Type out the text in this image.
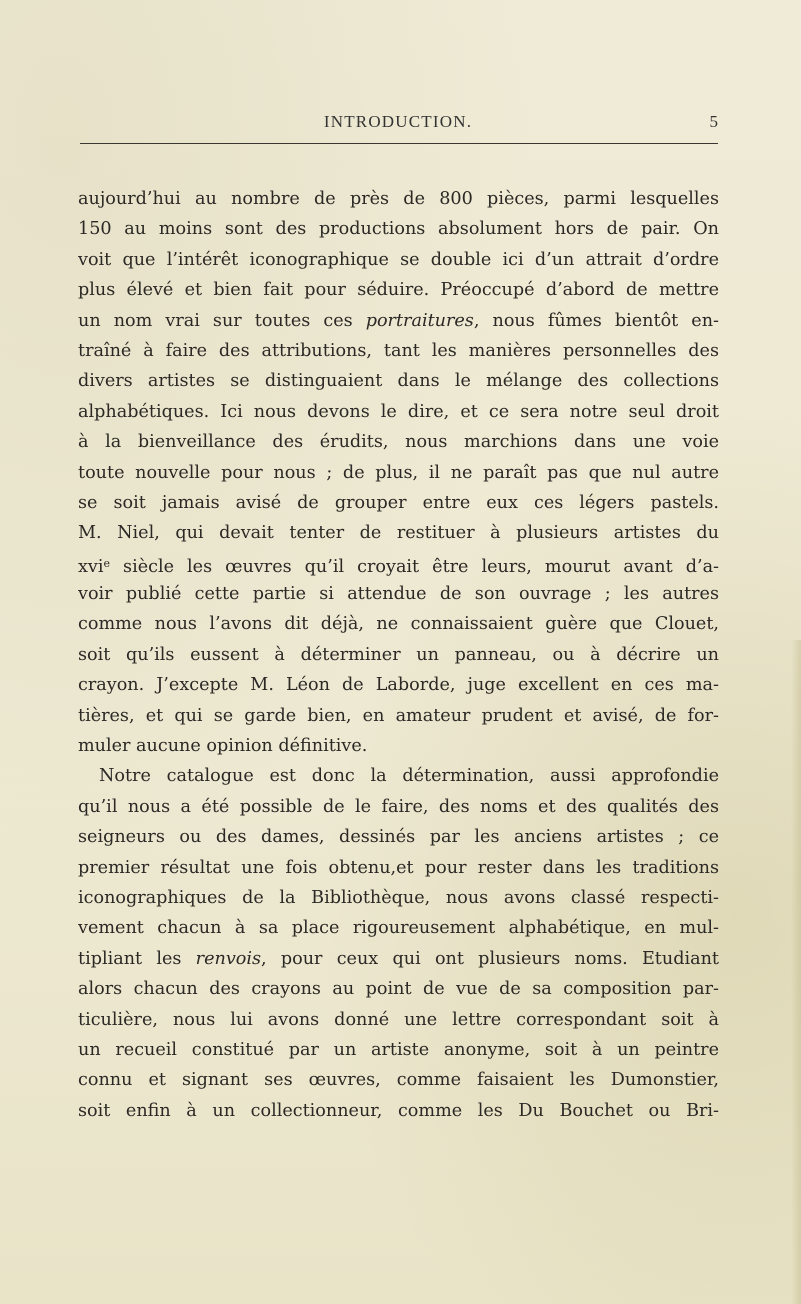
INTRODUCTION.	5
aujourd’hui au nombre de près de 800 pièces, parmi lesquelles
150 au moins sont des productions absolument hors de pair. On
voit que l’intérêt iconographique se double ici d’un attrait d’ordre
plus élevé et bien fait pour séduire. Préoccupé d’abord de mettre
un nom vrai sur toutes ces portraitures, nous fûmes bientôt en-
traîné à faire des attributions, tant les manières personnelles des
divers artistes se distinguaient dans le mélange des collections
alphabétiques. Ici nous devons le dire, et ce sera notre seul droit
à la bienveillance des érudits, nous marchions dans une voie
toute nouvelle pour nous ; de plus, il ne paraît pas que nul autre
se soit jamais avisé de grouper entre eux ces légers pastels.
M. Niel, qui devait tenter de restituer à plusieurs artistes du
xvi$^e$ siècle les œuvres qu’il croyait être leurs, mourut avant d’a-
voir publié cette partie si attendue de son ouvrage ; les autres
comme nous l’avons dit déjà, ne connaissaient guère que Clouet,
soit qu’ils eussent à déterminer un panneau, ou à décrire un
crayon. J’excepte M. Léon de Laborde, juge excellent en ces ma-
tières, et qui se garde bien, en amateur prudent et avisé, de for-
muler aucune opinion définitive.
Notre catalogue est donc la détermination, aussi approfondie
qu’il nous a été possible de le faire, des noms et des qualités des
seigneurs ou des dames, dessinés par les anciens artistes ; ce
premier résultat une fois obtenu,et pour rester dans les traditions
iconographiques de la Bibliothèque, nous avons classé respecti-
vement chacun à sa place rigoureusement alphabétique, en mul-
tipliant les renvois, pour ceux qui ont plusieurs noms. Etudiant
alors chacun des crayons au point de vue de sa composition par-
ticulière, nous lui avons donné une lettre correspondant soit à
un recueil constitué par un artiste anonyme, soit à un peintre
connu et signant ses œuvres, comme faisaient les Dumonstier,
soit enfin à un collectionneur, comme les Du Bouchet ou Bri-
